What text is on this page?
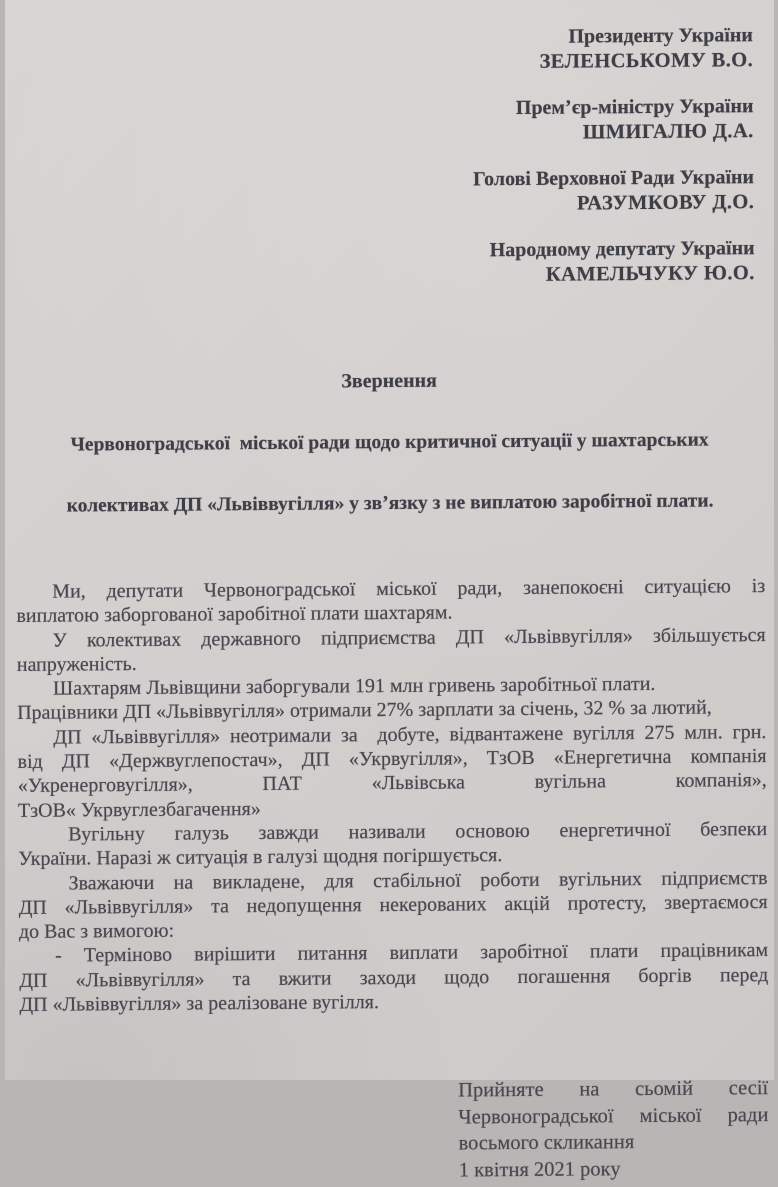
Президенту України
ЗЕЛЕНСЬКОМУ В.О.
Прем’єр-міністру України
ШМИГАЛЮ Д.А.
Голові Верховної Ради України
РАЗУМКОВУ Д.О.
Народному депутату України
КАМЕЛЬЧУКУ Ю.О.

Звернення

Червоноградської  міської ради щодо критичної ситуації у шахтарських

колективах ДП «Львіввугілля» у зв’язку з не виплатою заробітної плати.

Ми, депутати Червоноградської міської ради, занепокоєні ситуацією із
виплатою заборгованої заробітної плати шахтарям.
У колективах державного підприємства ДП «Львіввугілля» збільшується
напруженість.
Шахтарям Львівщини заборгували 191 млн гривень заробітньої плати.
Працівники ДП «Львіввугілля» отримали 27% зарплати за січень, 32 % за лютий,
ДП «Львіввугілля» неотримали за  добуте, відвантажене вугілля 275 млн. грн.
від ДП «Держвуглепостач», ДП «Укрвугілля», ТзОВ «Енергетична компанія
«Укренерговугілля», ПАТ «Львівська вугільна компанія»,
ТзОВ« Укрвуглезбагачення»
Вугільну галузь завжди називали основою енергетичної безпеки
України. Наразі ж ситуація в галузі щодня погіршується.
Зважаючи на викладене, для стабільної роботи вугільних підприємств
ДП «Львіввугілля» та недопущення некерованих акцій протесту, звертаємося
до Вас з вимогою:
- Терміново вирішити питання виплати заробітної плати працівникам
ДП «Львіввугілля» та вжити заходи щодо погашення боргів перед
ДП «Львіввугілля» за реалізоване вугілля.
Прийняте на сьомій сесії
Червоноградської міської ради
восьмого скликання
1 квітня 2021 року
